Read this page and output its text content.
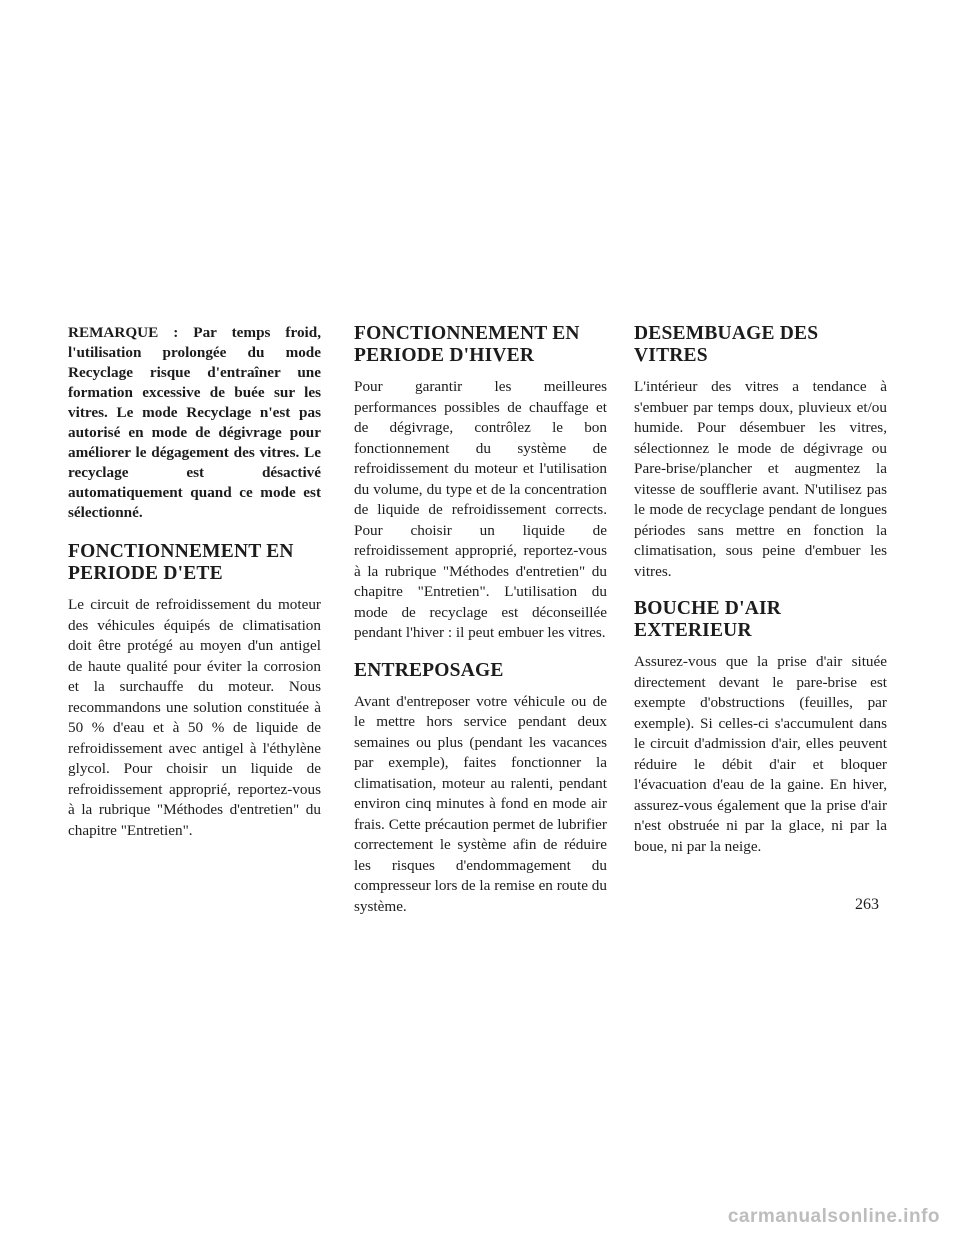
REMARQUE : Par temps froid, l'utilisation prolongée du mode Recyclage risque d'entraîner une formation excessive de buée sur les vitres. Le mode Recyclage n'est pas autorisé en mode de dégivrage pour améliorer le dégagement des vitres. Le recyclage est désactivé automatiquement quand ce mode est sélectionné.

FONCTIONNEMENT EN PERIODE D'ETE

Le circuit de refroidissement du moteur des véhicules équipés de climatisation doit être protégé au moyen d'un antigel de haute qualité pour éviter la corrosion et la surchauffe du moteur. Nous recommandons une solution constituée à 50 % d'eau et à 50 % de liquide de refroidissement avec antigel à l'éthylène glycol. Pour choisir un liquide de refroidissement approprié, reportez-vous à la rubrique "Méthodes d'entretien" du chapitre "Entretien".

FONCTIONNEMENT EN PERIODE D'HIVER

Pour garantir les meilleures performances possibles de chauffage et de dégivrage, contrôlez le bon fonctionnement du système de refroidissement du moteur et l'utilisation du volume, du type et de la concentration de liquide de refroidissement corrects. Pour choisir un liquide de refroidissement approprié, reportez-vous à la rubrique "Méthodes d'entretien" du chapitre "Entretien". L'utilisation du mode de recyclage est déconseillée pendant l'hiver : il peut embuer les vitres.

ENTREPOSAGE

Avant d'entreposer votre véhicule ou de le mettre hors service pendant deux semaines ou plus (pendant les vacances par exemple), faites fonctionner la climatisation, moteur au ralenti, pendant environ cinq minutes à fond en mode air frais. Cette précaution permet de lubrifier correctement le système afin de réduire les risques d'endommagement du compresseur lors de la remise en route du système.

DESEMBUAGE DES VITRES

L'intérieur des vitres a tendance à s'embuer par temps doux, pluvieux et/ou humide. Pour désembuer les vitres, sélectionnez le mode de dégivrage ou Pare-brise/plancher et augmentez la vitesse de soufflerie avant. N'utilisez pas le mode de recyclage pendant de longues périodes sans mettre en fonction la climatisation, sous peine d'embuer les vitres.

BOUCHE D'AIR EXTERIEUR

Assurez-vous que la prise d'air située directement devant le pare-brise est exempte d'obstructions (feuilles, par exemple). Si celles-ci s'accumulent dans le circuit d'admission d'air, elles peuvent réduire le débit d'air et bloquer l'évacuation d'eau de la gaine. En hiver, assurez-vous également que la prise d'air n'est obstruée ni par la glace, ni par la boue, ni par la neige.

263
carmanualsonline.info
